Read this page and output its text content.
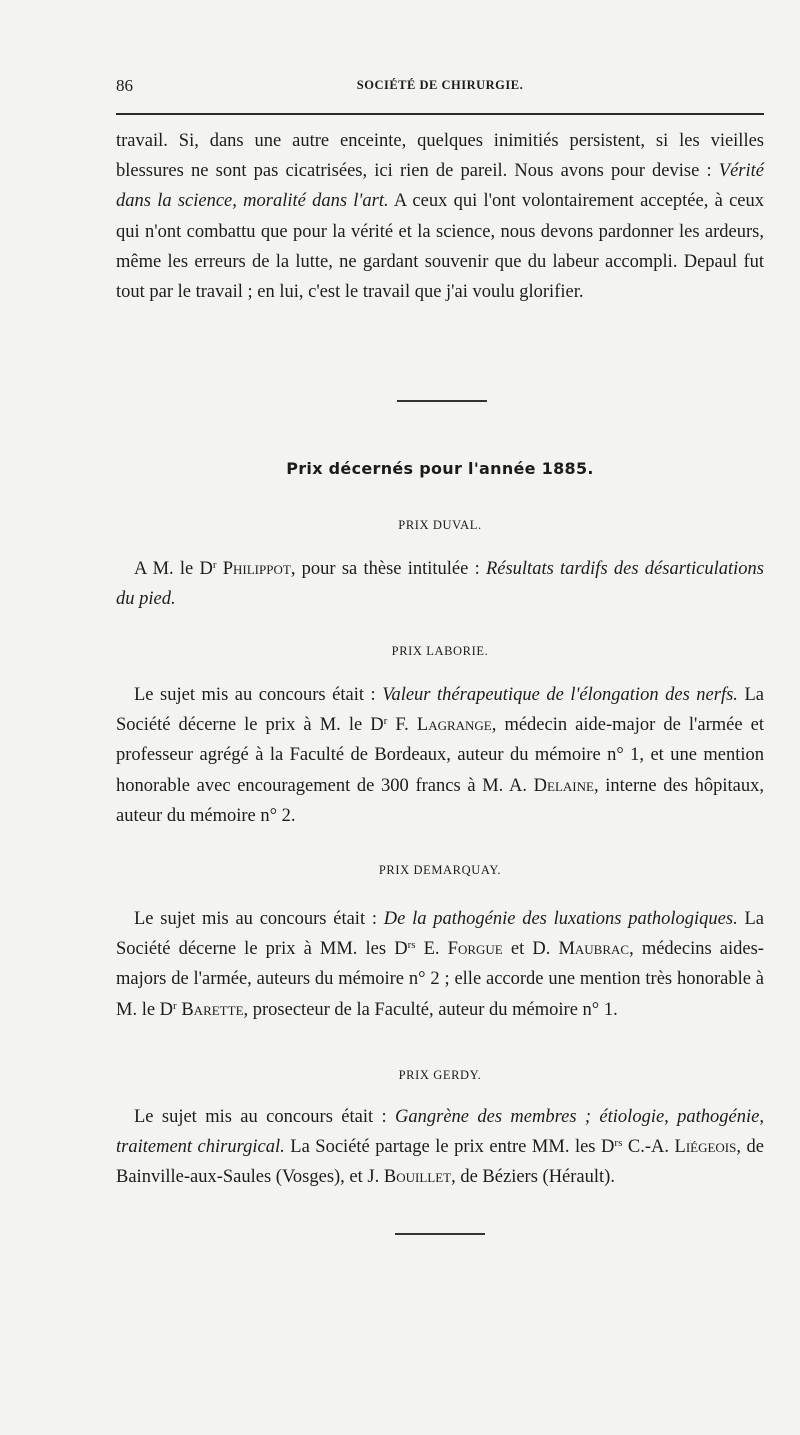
86	SOCIÉTÉ DE CHIRURGIE.

travail. Si, dans une autre enceinte, quelques inimitiés persistent, si les vieilles blessures ne sont pas cicatrisées, ici rien de pareil. Nous avons pour devise : Vérité dans la science, moralité dans l'art. A ceux qui l'ont volontairement acceptée, à ceux qui n'ont combattu que pour la vérité et la science, nous devons pardonner les ardeurs, même les erreurs de la lutte, ne gardant souvenir que du labeur accompli. Depaul fut tout par le travail ; en lui, c'est le travail que j'ai voulu glorifier.

Prix décernés pour l'année 1885.
PRIX DUVAL.

A M. le $D^r$ Philippot, pour sa thèse intitulée : Résultats tardifs des désarticulations du pied.

PRIX LABORIE.

Le sujet mis au concours était : Valeur thérapeutique de l'élongation des nerfs. La Société décerne le prix à M. le $D^r$ F. Lagrange, médecin aide-major de l'armée et professeur agrégé à la Faculté de Bordeaux, auteur du mémoire n° 1, et une mention honorable avec encouragement de 300 francs à M. A. Delaine, interne des hôpitaux, auteur du mémoire n° 2.

PRIX DEMARQUAY.

Le sujet mis au concours était : De la pathogénie des luxations pathologiques. La Société décerne le prix à MM. les $D^{rs}$ E. Forgue et D. Maubrac, médecins aides-majors de l'armée, auteurs du mémoire n° 2 ; elle accorde une mention très honorable à M. le $D^r$ Barette, prosecteur de la Faculté, auteur du mémoire n° 1.

PRIX GERDY.

Le sujet mis au concours était : Gangrène des membres ; étiologie, pathogénie, traitement chirurgical. La Société partage le prix entre MM. les $D^{rs}$ C.-A. Liégeois, de Bainville-aux-Saules (Vosges), et J. Bouillet, de Béziers (Hérault).
